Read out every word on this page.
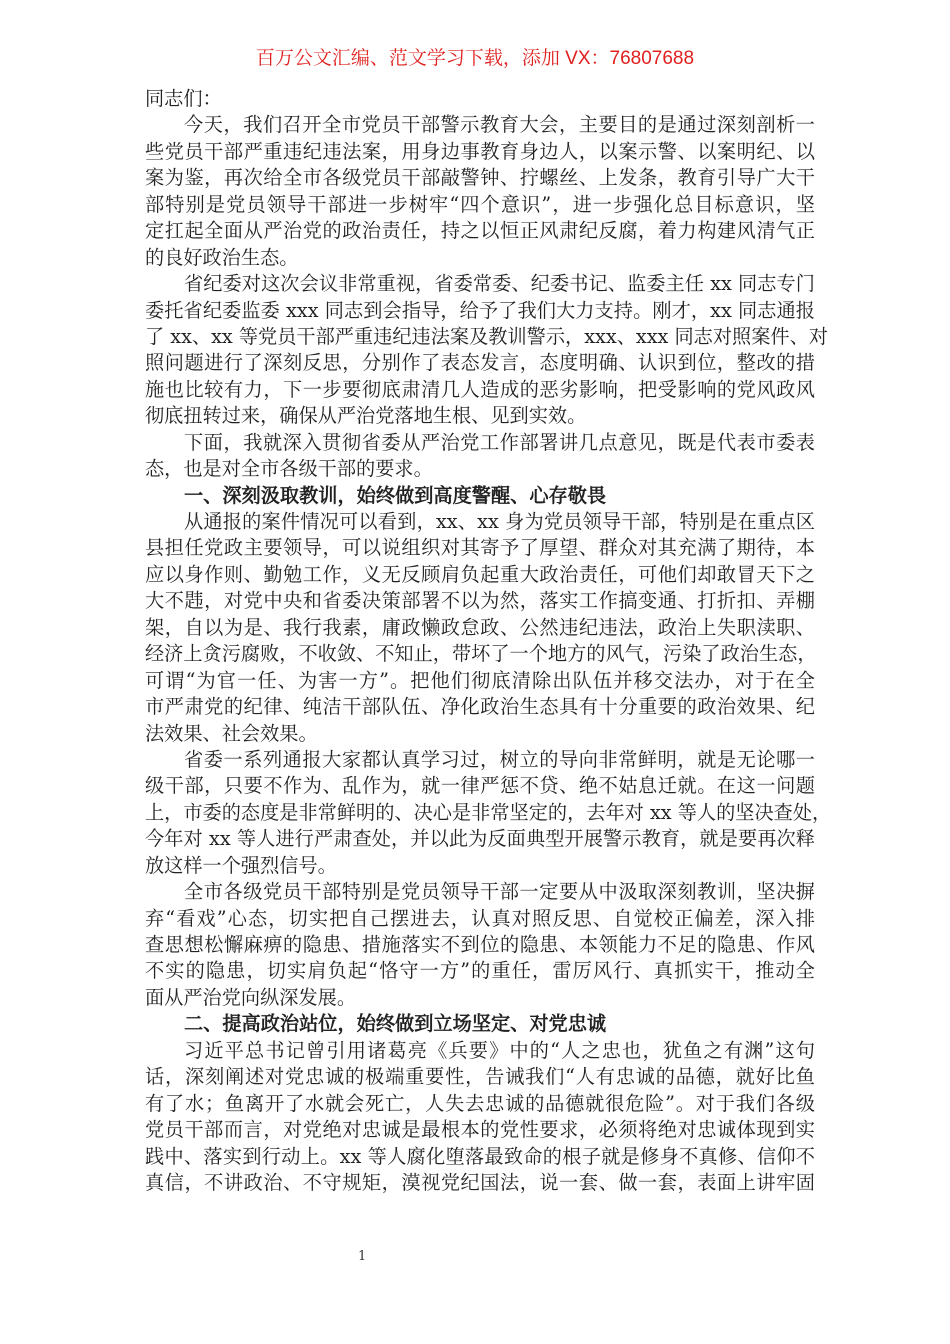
百万公文汇编、范文学习下载，添加 VX：76807688
同志们：
今天，我们召开全市党员干部警示教育大会，主要目的是通过深刻剖析一
些党员干部严重违纪违法案，用身边事教育身边人，以案示警、以案明纪、以
案为鉴，再次给全市各级党员干部敲警钟、拧螺丝、上发条，教育引导广大干
部特别是党员领导干部进一步树牢“四个意识”，进一步强化总目标意识，坚
定扛起全面从严治党的政治责任，持之以恒正风肃纪反腐，着力构建风清气正
的良好政治生态。
省纪委对这次会议非常重视，省委常委、纪委书记、监委主任 xx 同志专门
委托省纪委监委 xxx 同志到会指导，给予了我们大力支持。刚才，xx 同志通报
了 xx、xx 等党员干部严重违纪违法案及教训警示，xxx、xxx 同志对照案件、对
照问题进行了深刻反思，分别作了表态发言，态度明确、认识到位，整改的措
施也比较有力，下一步要彻底肃清几人造成的恶劣影响，把受影响的党风政风
彻底扭转过来，确保从严治党落地生根、见到实效。
下面，我就深入贯彻省委从严治党工作部署讲几点意见，既是代表市委表
态，也是对全市各级干部的要求。
一、深刻汲取教训，始终做到高度警醒、心存敬畏
从通报的案件情况可以看到，xx、xx 身为党员领导干部，特别是在重点区
县担任党政主要领导，可以说组织对其寄予了厚望、群众对其充满了期待，本
应以身作则、勤勉工作，义无反顾肩负起重大政治责任，可他们却敢冒天下之
大不韪，对党中央和省委决策部署不以为然，落实工作搞变通、打折扣、弄棚
架，自以为是、我行我素，庸政懒政怠政、公然违纪违法，政治上失职渎职、
经济上贪污腐败，不收敛、不知止，带坏了一个地方的风气，污染了政治生态，
可谓“为官一任、为害一方”。把他们彻底清除出队伍并移交法办，对于在全
市严肃党的纪律、纯洁干部队伍、净化政治生态具有十分重要的政治效果、纪
法效果、社会效果。
省委一系列通报大家都认真学习过，树立的导向非常鲜明，就是无论哪一
级干部，只要不作为、乱作为，就一律严惩不贷、绝不姑息迁就。在这一问题
上，市委的态度是非常鲜明的、决心是非常坚定的，去年对 xx 等人的坚决查处，
今年对 xx 等人进行严肃查处，并以此为反面典型开展警示教育，就是要再次释
放这样一个强烈信号。
全市各级党员干部特别是党员领导干部一定要从中汲取深刻教训，坚决摒
弃“看戏”心态，切实把自己摆进去，认真对照反思、自觉校正偏差，深入排
查思想松懈麻痹的隐患、措施落实不到位的隐患、本领能力不足的隐患、作风
不实的隐患，切实肩负起“恪守一方”的重任，雷厉风行、真抓实干，推动全
面从严治党向纵深发展。
二、提高政治站位，始终做到立场坚定、对党忠诚
习近平总书记曾引用诸葛亮《兵要》中的“人之忠也，犹鱼之有渊”这句
话，深刻阐述对党忠诚的极端重要性，告诫我们“人有忠诚的品德，就好比鱼
有了水；鱼离开了水就会死亡，人失去忠诚的品德就很危险”。对于我们各级
党员干部而言，对党绝对忠诚是最根本的党性要求，必须将绝对忠诚体现到实
践中、落实到行动上。xx 等人腐化堕落最致命的根子就是修身不真修、信仰不
真信，不讲政治、不守规矩，漠视党纪国法，说一套、做一套，表面上讲牢固
1
